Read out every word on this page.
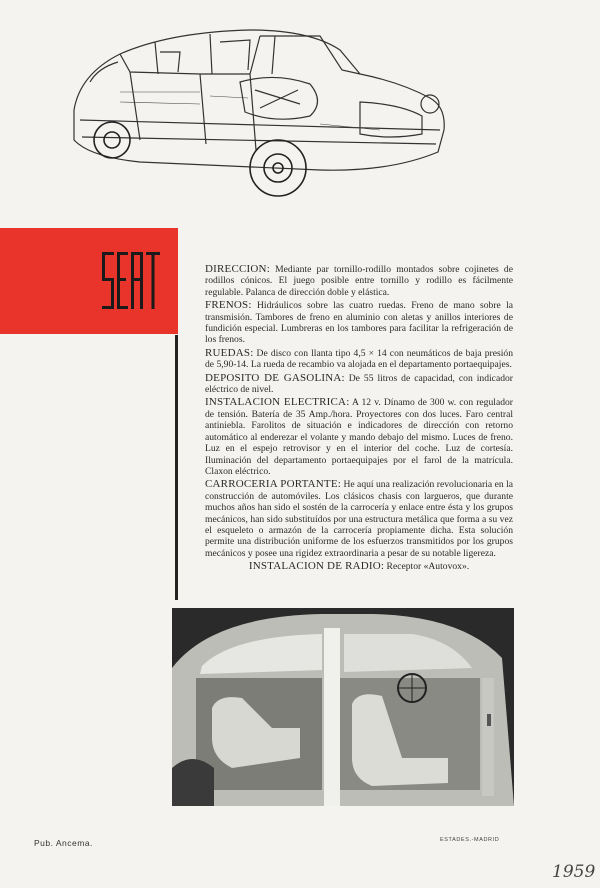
DIRECCION: Mediante par tornillo-rodillo montados sobre cojinetes de rodillos cónicos. El juego posible entre tornillo y rodillo es fácilmente regulable. Palanca de dirección doble y elástica.

FRENOS: Hidráulicos sobre las cuatro ruedas. Freno de mano sobre la transmisión. Tambores de freno en aluminio con aletas y anillos interiores de fundición especial. Lumbreras en los tambores para facilitar la refrigeración de los frenos.

RUEDAS: De disco con llanta tipo 4,5 × 14 con neumáticos de baja presión de 5,90-14. La rueda de recambio va alojada en el departamento portaequipajes.

DEPOSITO DE GASOLINA: De 55 litros de capacidad, con indicador eléctrico de nivel.

INSTALACION ELECTRICA: A 12 v. Dínamo de 300 w. con regulador de tensión. Batería de 35 Amp./hora. Proyectores con dos luces. Faro central antiniebla. Farolitos de situación e indicadores de dirección con retorno automático al enderezar el volante y mando debajo del mismo. Luces de freno. Luz en el espejo retrovisor y en el interior del coche. Luz de cortesía. Iluminación del departamento portaequipajes por el farol de la matrícula. Claxon eléctrico.

CARROCERIA PORTANTE: He aquí una realización revolucionaria en la construcción de automóviles. Los clásicos chasis con largueros, que durante muchos años han sido el sostén de la carrocería y enlace entre ésta y los grupos mecánicos, han sido substituídos por una estructura metálica que forma a su vez el esqueleto o armazón de la carrocería propiamente dicha. Esta solución permite una distribución uniforme de los esfuerzos transmitidos por los grupos mecánicos y posee una rigidez extraordinaria a pesar de su notable ligereza.

INSTALACION DE RADIO: Receptor «Autovox».

Pub. Ancema.	ESTADES.-MADRID
1959
